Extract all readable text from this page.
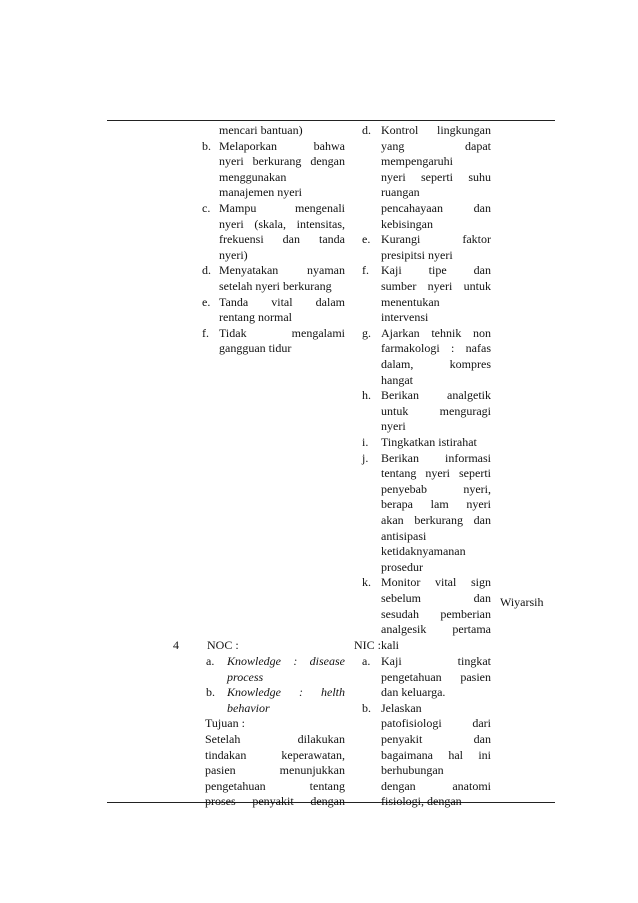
mencari bantuan)
b. Melaporkan bahwa
nyeri berkurang dengan
menggunakan
manajemen nyeri
c. Mampu mengenali
nyeri (skala, intensitas,
frekuensi dan tanda
nyeri)
d. Menyatakan nyaman
setelah nyeri berkurang
e. Tanda vital dalam
rentang normal
f. Tidak mengalami
gangguan tidur
d. Kontrol lingkungan
yang dapat
mempengaruhi
nyeri seperti suhu
ruangan
pencahayaan dan
kebisingan
e. Kurangi faktor
presipitsi nyeri
f. Kaji tipe dan
sumber nyeri untuk
menentukan
intervensi
g. Ajarkan tehnik non
farmakologi : nafas
dalam, kompres
hangat
h. Berikan analgetik
untuk menguragi
nyeri
i. Tingkatkan istirahat
j. Berikan informasi
tentang nyeri seperti
penyebab nyeri,
berapa lam nyeri
akan berkurang dan
antisipasi
ketidaknyamanan
prosedur
k. Monitor vital sign
sebelum dan
sesudah pemberian
analgesik pertama
kali
Wiyarsih
4 NOC :
a. Knowledge : disease
process
b. Knowledge : helth
behavior
Tujuan :
Setelah dilakukan
tindakan keperawatan,
pasien menunjukkan
pengetahuan tentang
proses penyakit dengan
NIC :
a. Kaji tingkat
pengetahuan pasien
dan keluarga.
b. Jelaskan
patofisiologi dari
penyakit dan
bagaimana hal ini
berhubungan
dengan anatomi
fisiologi, dengan
